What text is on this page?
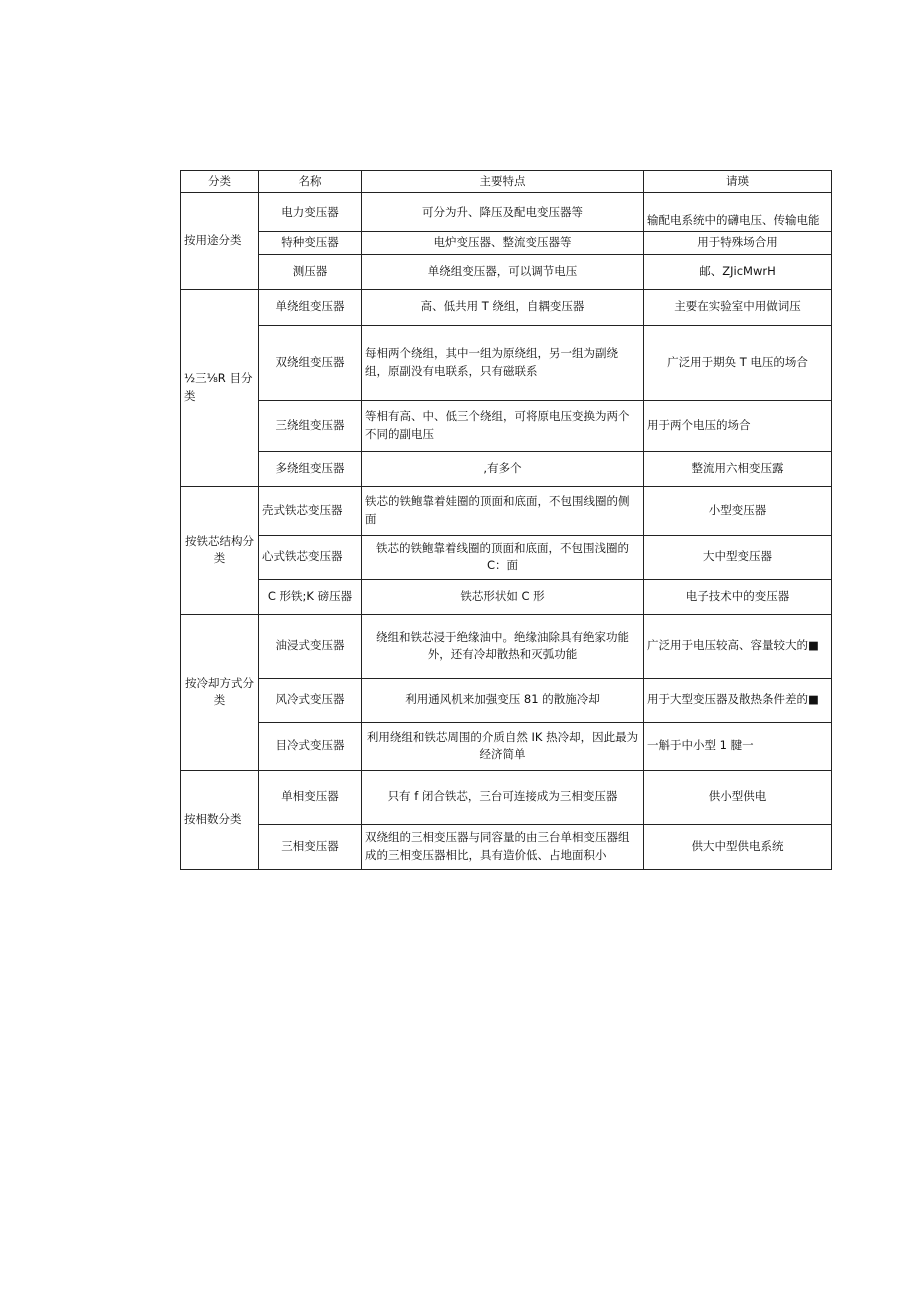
分类	名称	主要特点	请瑛
按用途分类	电力变压器	可分为升、降压及配电变压器等	输配电系统中的礴电压、传输电能
	特种变压器	电炉变压器、整流变压器等	用于特殊场合用
	测压器	单绕组变压器，可以调节电压	邮、ZJicMwrH
½三⅛R 目分类	单绕组变压器	高、低共用 T 绕组，自耦变压器	主要在实验室中用做词压
	双绕组变压器	每相两个绕组，其中一组为原绕组，另一组为副绕组，原副没有电联系，只有磁联系	广泛用于期奂 T 电压的场合
	三绕组变压器	等相有高、中、低三个绕组，可将原电压变换为两个不同的副电压	用于两个电压的场合
	多绕组变压器	,有多个	整流用六相变压露
按铁芯结构分类	壳式铁芯变压器	铁芯的铁鲍靠着娃圈的顶面和底面，不包围线圈的侧面	小型变压器
	心式铁芯变压器	铁芯的铁鲍靠着线圈的顶面和底面，不包围浅圈的 C：面	大中型变压器
	C 形铁;K 磅压器	铁芯形状如 C 形	电子技术中的变压器
按冷却方式分类	油浸式变压器	绕组和铁芯浸于绝缘油中。绝缘油除具有绝家功能外，还有冷却散热和灭弧功能	广泛用于电压较高、容量较大的■
	风冷式变压器	利用通风机来加强变压 81 的散施冷却	用于大型变压器及散热条件差的■
	目冷式变压器	利用绕组和铁芯周围的介质自然 IK 热冷却，因此最为经济简单	一斛于中小型 1 腱一
按相数分类	单相变压器	只有 f 闭合铁芯，三台可连接成为三相变压器	供小型供电
	三相变压器	双绕组的三相变压器与同容量的由三台单相变压器组成的三相变压器相比，具有造价低、占地面积小	供大中型供电系统
